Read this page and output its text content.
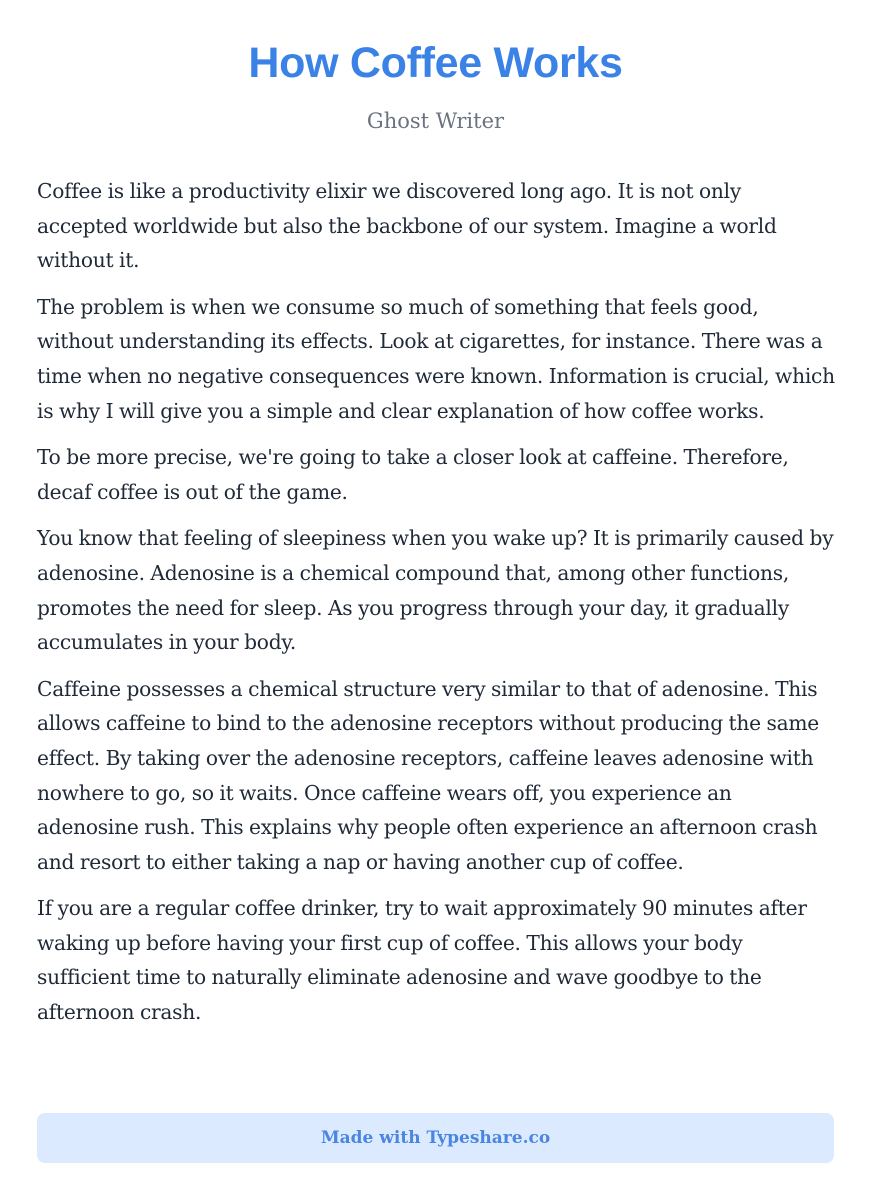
How Coffee Works
Ghost Writer

Coffee is like a productivity elixir we discovered long ago. It is not only accepted worldwide but also the backbone of our system. Imagine a world without it.

The problem is when we consume so much of something that feels good, without understanding its effects. Look at cigarettes, for instance. There was a time when no negative consequences were known. Information is crucial, which is why I will give you a simple and clear explanation of how coffee works.

To be more precise, we're going to take a closer look at caffeine. Therefore, decaf coffee is out of the game.

You know that feeling of sleepiness when you wake up? It is primarily caused by adenosine. Adenosine is a chemical compound that, among other functions, promotes the need for sleep. As you progress through your day, it gradually accumulates in your body.

Caffeine possesses a chemical structure very similar to that of adenosine. This allows caffeine to bind to the adenosine receptors without producing the same effect. By taking over the adenosine receptors, caffeine leaves adenosine with nowhere to go, so it waits. Once caffeine wears off, you experience an adenosine rush. This explains why people often experience an afternoon crash and resort to either taking a nap or having another cup of coffee.

If you are a regular coffee drinker, try to wait approximately 90 minutes after waking up before having your first cup of coffee. This allows your body sufficient time to naturally eliminate adenosine and wave goodbye to the afternoon crash.

Made with Typeshare.co
